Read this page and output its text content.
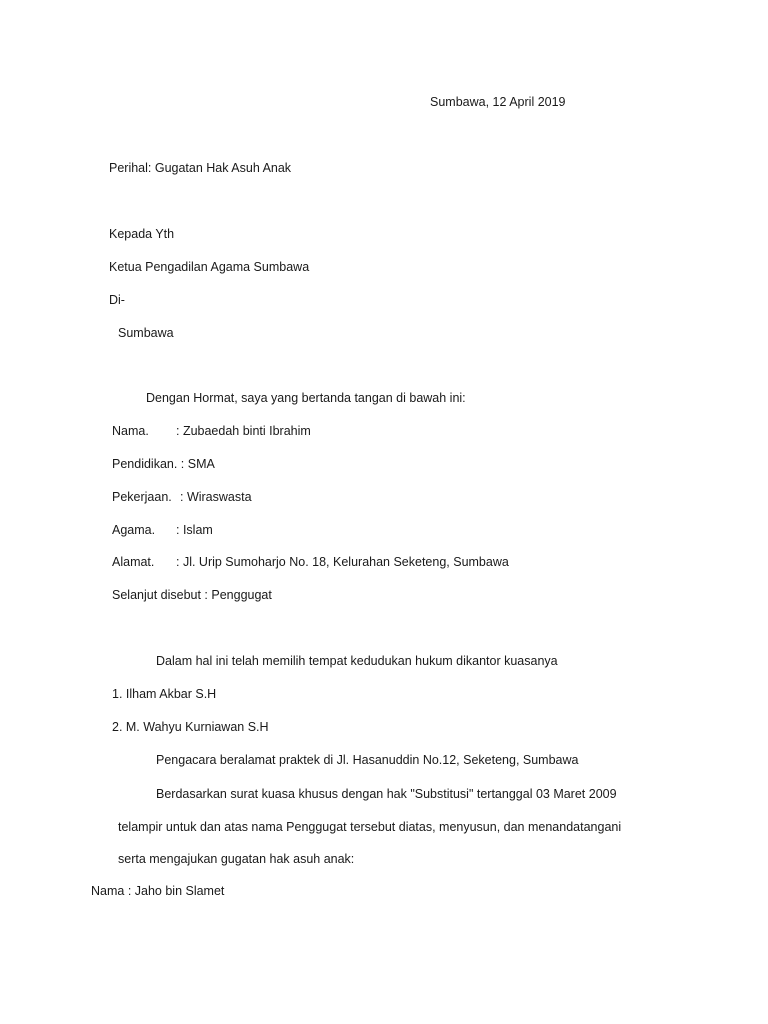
Sumbawa, 12 April 2019
Perihal: Gugatan Hak Asuh Anak
Kepada Yth
Ketua Pengadilan Agama Sumbawa
Di-
Sumbawa
Dengan Hormat, saya yang bertanda tangan di bawah ini:
Nama. : Zubaedah binti Ibrahim
Pendidikan. : SMA
Pekerjaan. : Wiraswasta
Agama. : Islam
Alamat. : Jl. Urip Sumoharjo No. 18, Kelurahan Seketeng, Sumbawa
Selanjut disebut : Penggugat
Dalam hal ini telah memilih tempat kedudukan hukum dikantor kuasanya
1. Ilham Akbar S.H
2. M. Wahyu Kurniawan S.H
Pengacara beralamat praktek di Jl. Hasanuddin No.12, Seketeng, Sumbawa
Berdasarkan surat kuasa khusus dengan hak "Substitusi" tertanggal 03 Maret 2009
telampir untuk dan atas nama Penggugat tersebut diatas, menyusun, dan menandatangani
serta mengajukan gugatan hak asuh anak:
Nama : Jaho bin Slamet
